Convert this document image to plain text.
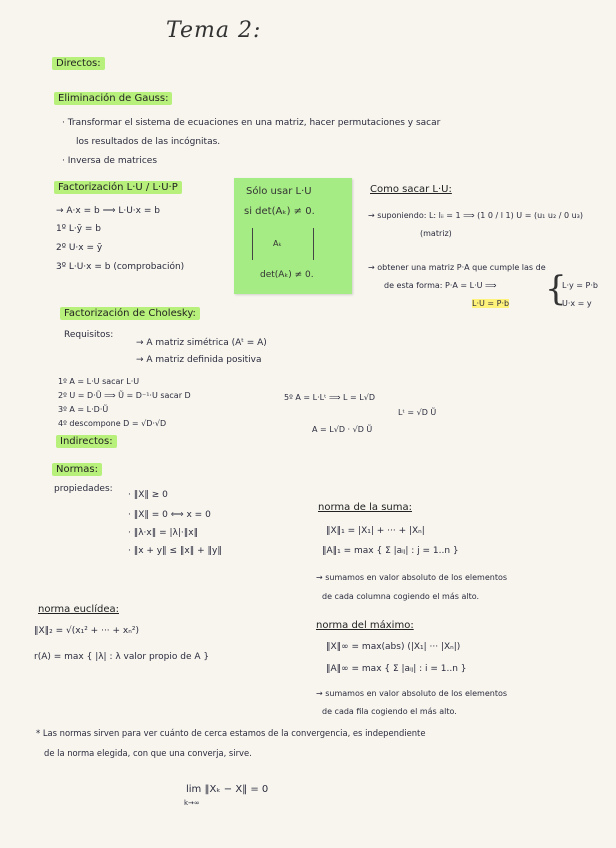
Tema 2:
Directos:
Eliminación de Gauss:
· Transformar el sistema de ecuaciones en una matriz, hacer permutaciones y sacar
los resultados de las incógnitas.
· Inversa de matrices
Factorización L·U / L·U·P
→ A·x = b ⟹ L·U·x = b
1º L·ȳ = b
2º U·x = ȳ
3º L·U·x = b (comprobación)
Sólo usar L·U
si det(Aₖ) ≠ 0.
Aₖ
det(Aₖ) ≠ 0.
Como sacar L·U:
→ suponiendo: L: lᵢᵢ = 1 ⟹ (1 0 / l 1) U = (u₁ u₂ / 0 u₃)
(matriz)
→ obtener una matriz P·A que cumple las de
de esta forma: P·A = L·U ⟹
L·U = P·b {
L·y = P·b
U·x = y
Factorización de Cholesky:
Requisitos:
→ A matriz simétrica (Aᵗ = A)
→ A matriz definida positiva
1º A = L·U sacar L·U
2º U = D·Ũ ⟹ Ũ = D⁻¹·U sacar D
3º A = L·D·Ũ
4º descompone D = √D·√D
5º A = L·Lᵗ ⟹ L = L√D
Lᵗ = √D Ũ
A = L√D · √D Ũ
Indirectos:
Normas:
propiedades:
· ‖X‖ ≥ 0
· ‖X‖ = 0 ⟺ x = 0
· ‖λ·x‖ = |λ|·‖x‖
· ‖x + y‖ ≤ ‖x‖ + ‖y‖
norma de la suma:
‖X‖₁ = |X₁| + ··· + |Xₙ|
‖A‖₁ = max { Σ |aᵢⱼ| : j = 1..n }
→ sumamos en valor absoluto de los elementos
de cada columna cogiendo el más alto.
norma euclídea:
‖X‖₂ = √(x₁² + ··· + xₙ²)
r(A) = max { |λ| : λ valor propio de A }
norma del máximo:
‖X‖∞ = max(abs) (|X₁| ··· |Xₙ|)
‖A‖∞ = max { Σ |aᵢⱼ| : i = 1..n }
→ sumamos en valor absoluto de los elementos
de cada fila cogiendo el más alto.
* Las normas sirven para ver cuánto de cerca estamos de la convergencia, es independiente
de la norma elegida, con que una converja, sirve.
lim ‖Xₖ − X‖ = 0
k→∞
